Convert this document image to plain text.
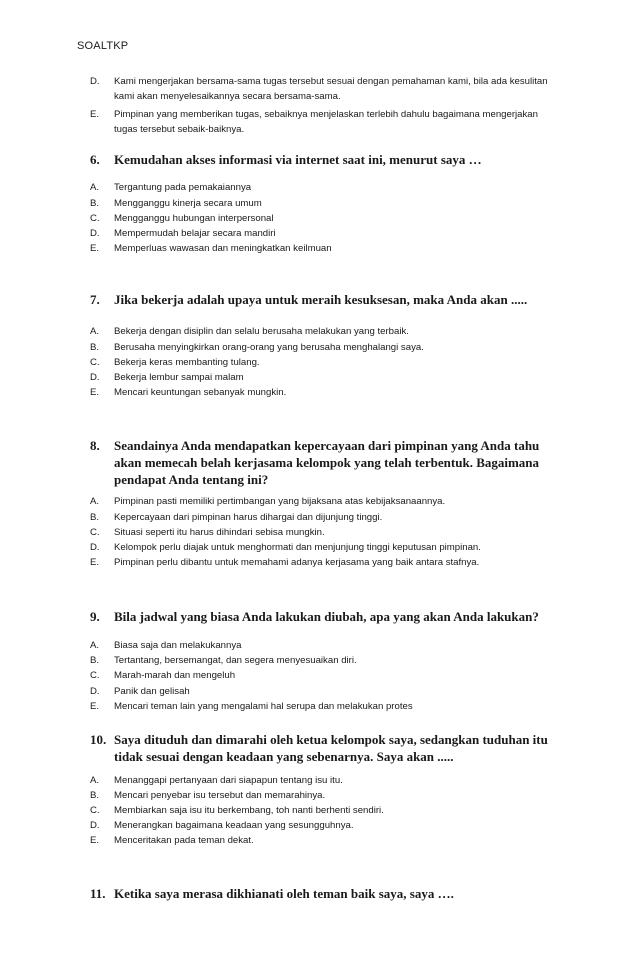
SOALTKP
D.	Kami mengerjakan bersama-sama tugas tersebut sesuai dengan pemahaman kami, bila ada kesulitan kami akan menyelesaikannya secara bersama-sama.
E.	Pimpinan yang memberikan tugas, sebaiknya menjelaskan terlebih dahulu bagaimana mengerjakan tugas tersebut sebaik-baiknya.
6.	Kemudahan akses informasi via internet saat ini, menurut saya …
A.	Tergantung pada pemakaiannya
B.	Mengganggu kinerja secara umum
C.	Mengganggu hubungan interpersonal
D.	Mempermudah belajar secara mandiri
E.	Memperluas wawasan dan meningkatkan keilmuan
7.	Jika bekerja adalah upaya untuk meraih kesuksesan, maka Anda akan .....
A.	Bekerja dengan disiplin dan selalu berusaha melakukan yang terbaik.
B.	Berusaha menyingkirkan orang-orang yang berusaha menghalangi saya.
C.	Bekerja keras membanting tulang.
D.	Bekerja lembur sampai malam
E.	Mencari keuntungan sebanyak mungkin.
8.	Seandainya Anda mendapatkan kepercayaan dari pimpinan yang Anda tahu akan memecah belah kerjasama kelompok yang telah terbentuk. Bagaimana pendapat Anda tentang ini?
A.	Pimpinan pasti memiliki pertimbangan yang bijaksana atas kebijaksanaannya.
B.	Kepercayaan dari pimpinan harus dihargai dan dijunjung tinggi.
C.	Situasi seperti itu harus dihindari sebisa mungkin.
D.	Kelompok perlu diajak untuk menghormati dan menjunjung tinggi keputusan pimpinan.
E.	Pimpinan perlu dibantu untuk memahami adanya kerjasama yang baik antara stafnya.
9.	Bila jadwal yang biasa Anda lakukan diubah, apa yang akan Anda lakukan?
A.	Biasa saja dan melakukannya
B.	Tertantang, bersemangat, dan segera menyesuaikan diri.
C.	Marah-marah dan mengeluh
D.	Panik dan gelisah
E.	Mencari teman lain yang mengalami hal serupa dan melakukan protes
10. Saya dituduh dan dimarahi oleh ketua kelompok saya, sedangkan tuduhan itu tidak sesuai dengan keadaan yang sebenarnya. Saya akan .....
A.	Menanggapi pertanyaan dari siapapun tentang isu itu.
B.	Mencari penyebar isu tersebut dan memarahinya.
C.	Membiarkan saja isu itu berkembang, toh nanti berhenti sendiri.
D.	Menerangkan bagaimana keadaan yang sesungguhnya.
E.	Menceritakan pada teman dekat.
11. Ketika saya merasa dikhianati oleh teman baik saya, saya ….
